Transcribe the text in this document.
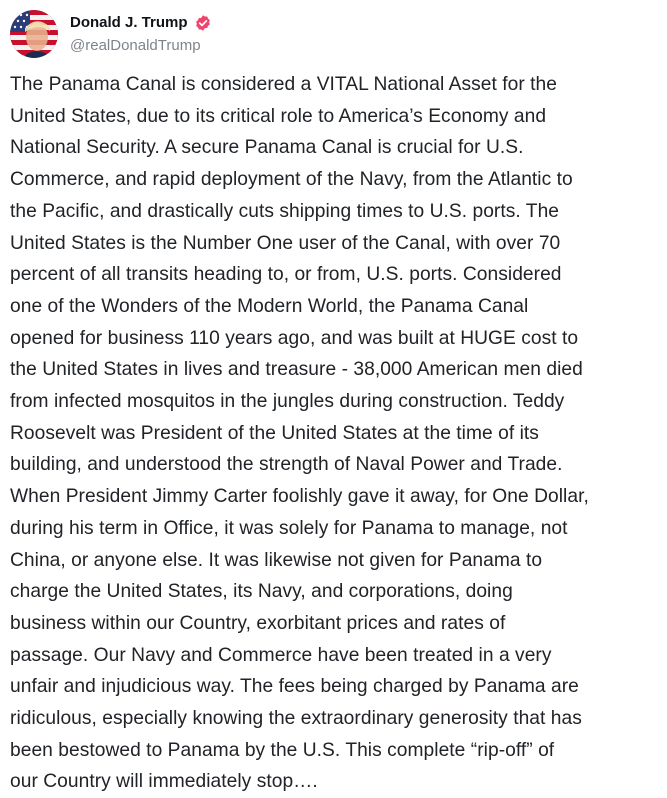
Donald J. Trump
@realDonaldTrump

The Panama Canal is considered a VITAL National Asset for the
United States, due to its critical role to America’s Economy and
National Security. A secure Panama Canal is crucial for U.S.
Commerce, and rapid deployment of the Navy, from the Atlantic to
the Pacific, and drastically cuts shipping times to U.S. ports. The
United States is the Number One user of the Canal, with over 70
percent of all transits heading to, or from, U.S. ports. Considered
one of the Wonders of the Modern World, the Panama Canal
opened for business 110 years ago, and was built at HUGE cost to
the United States in lives and treasure - 38,000 American men died
from infected mosquitos in the jungles during construction. Teddy
Roosevelt was President of the United States at the time of its
building, and understood the strength of Naval Power and Trade.
When President Jimmy Carter foolishly gave it away, for One Dollar,
during his term in Office, it was solely for Panama to manage, not
China, or anyone else. It was likewise not given for Panama to
charge the United States, its Navy, and corporations, doing
business within our Country, exorbitant prices and rates of
passage. Our Navy and Commerce have been treated in a very
unfair and injudicious way. The fees being charged by Panama are
ridiculous, especially knowing the extraordinary generosity that has
been bestowed to Panama by the U.S. This complete “rip-off” of
our Country will immediately stop….
